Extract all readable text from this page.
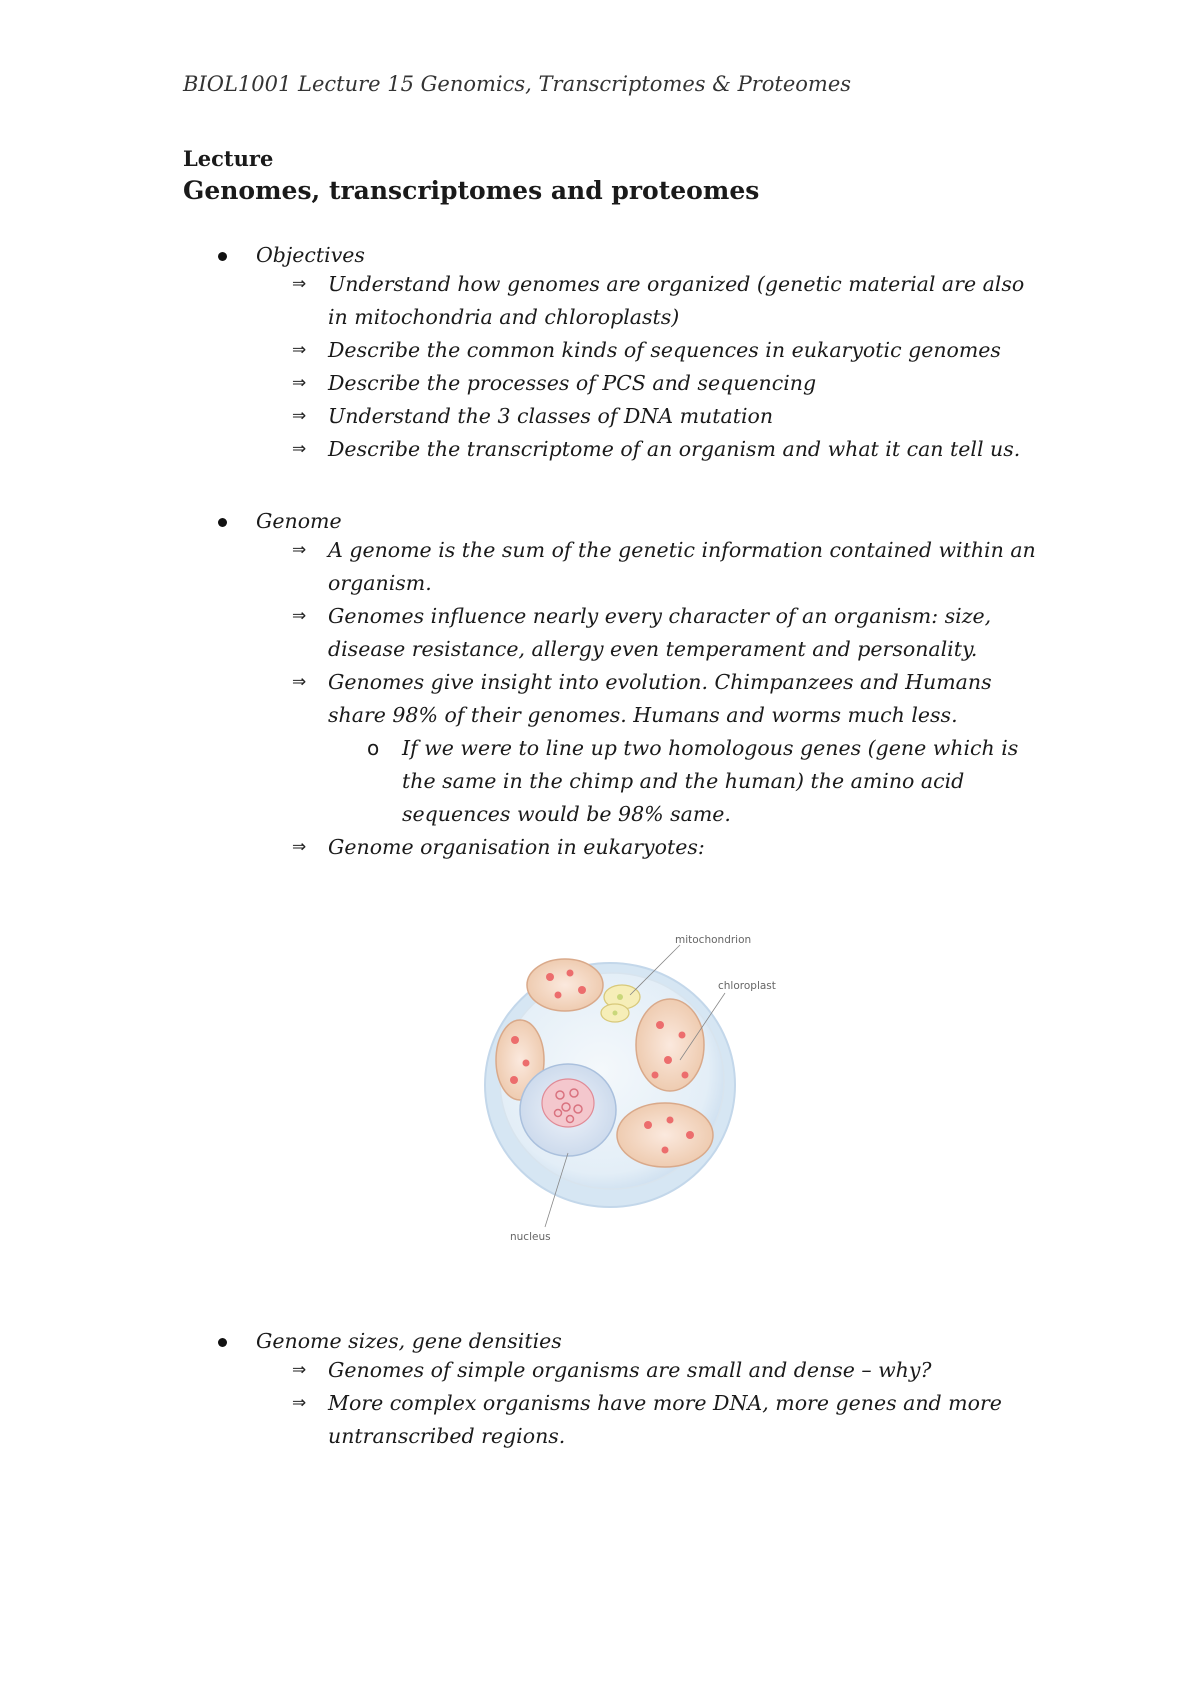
BIOL1001 Lecture 15 Genomics, Transcriptomes & Proteomes
Lecture
Genomes, transcriptomes and proteomes
Objectives
⇒ Understand how genomes are organized (genetic material are also in mitochondria and chloroplasts)
⇒ Describe the common kinds of sequences in eukaryotic genomes
⇒ Describe the processes of PCS and sequencing
⇒ Understand the 3 classes of DNA mutation
⇒ Describe the transcriptome of an organism and what it can tell us.
Genome
⇒ A genome is the sum of the genetic information contained within an organism.
⇒ Genomes influence nearly every character of an organism: size, disease resistance, allergy even temperament and personality.
⇒ Genomes give insight into evolution. Chimpanzees and Humans share 98% of their genomes. Humans and worms much less.
o If we were to line up two homologous genes (gene which is the same in the chimp and the human) the amino acid sequences would be 98% same.
⇒ Genome organisation in eukaryotes:
mitochondrion
chloroplast
nucleus
Genome sizes, gene densities
⇒ Genomes of simple organisms are small and dense – why?
⇒ More complex organisms have more DNA, more genes and more untranscribed regions.
